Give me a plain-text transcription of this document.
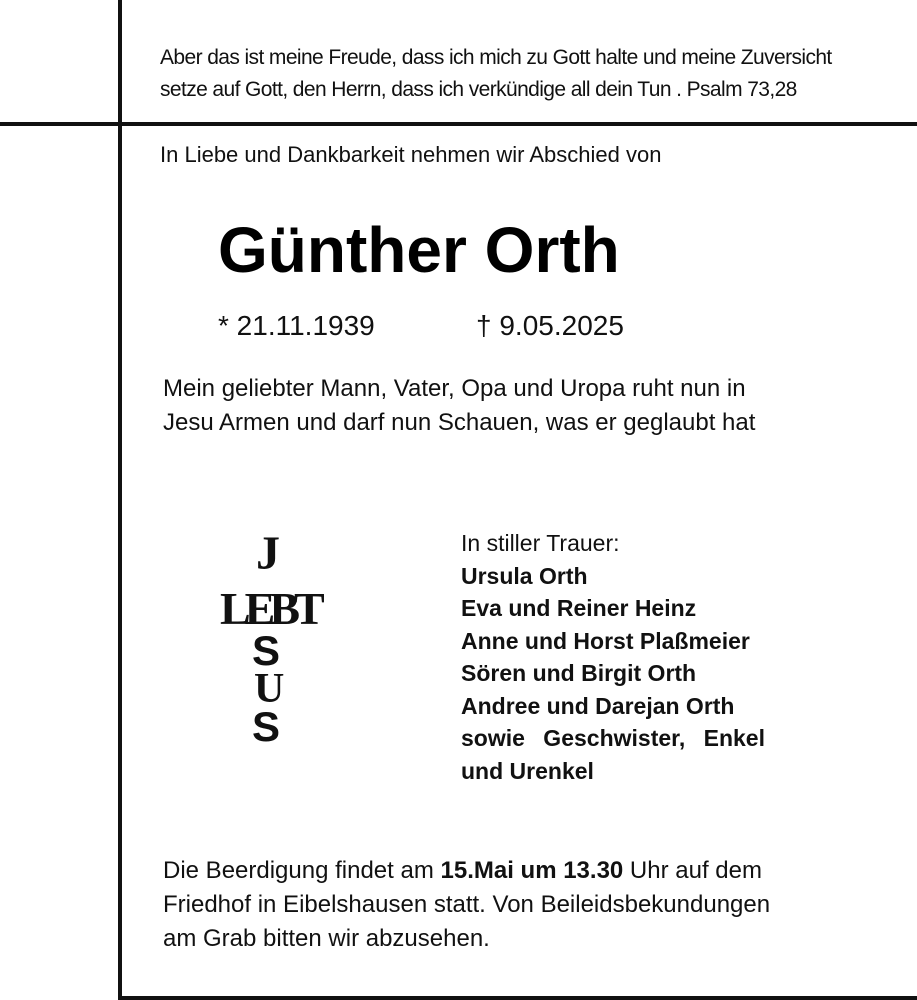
Aber das ist meine Freude, dass ich mich zu Gott halte und meine Zuversicht
setze auf Gott, den Herrn, dass ich verkündige all dein Tun . Psalm 73,28
In Liebe und Dankbarkeit nehmen wir Abschied von
Günther Orth
* 21.11.1939	† 9.05.2025
Mein geliebter Mann, Vater, Opa und Uropa ruht nun in
Jesu Armen und darf nun Schauen, was er geglaubt hat
J
LEBT
S
U
S
In stiller Trauer:
Ursula Orth
Eva und Reiner Heinz
Anne und Horst Plaßmeier
Sören und Birgit Orth
Andree und Darejan Orth
sowie Geschwister, Enkel
und Urenkel
Die Beerdigung findet am 15.Mai um 13.30 Uhr auf dem
Friedhof in Eibelshausen statt. Von Beileidsbekundungen
am Grab bitten wir abzusehen.
